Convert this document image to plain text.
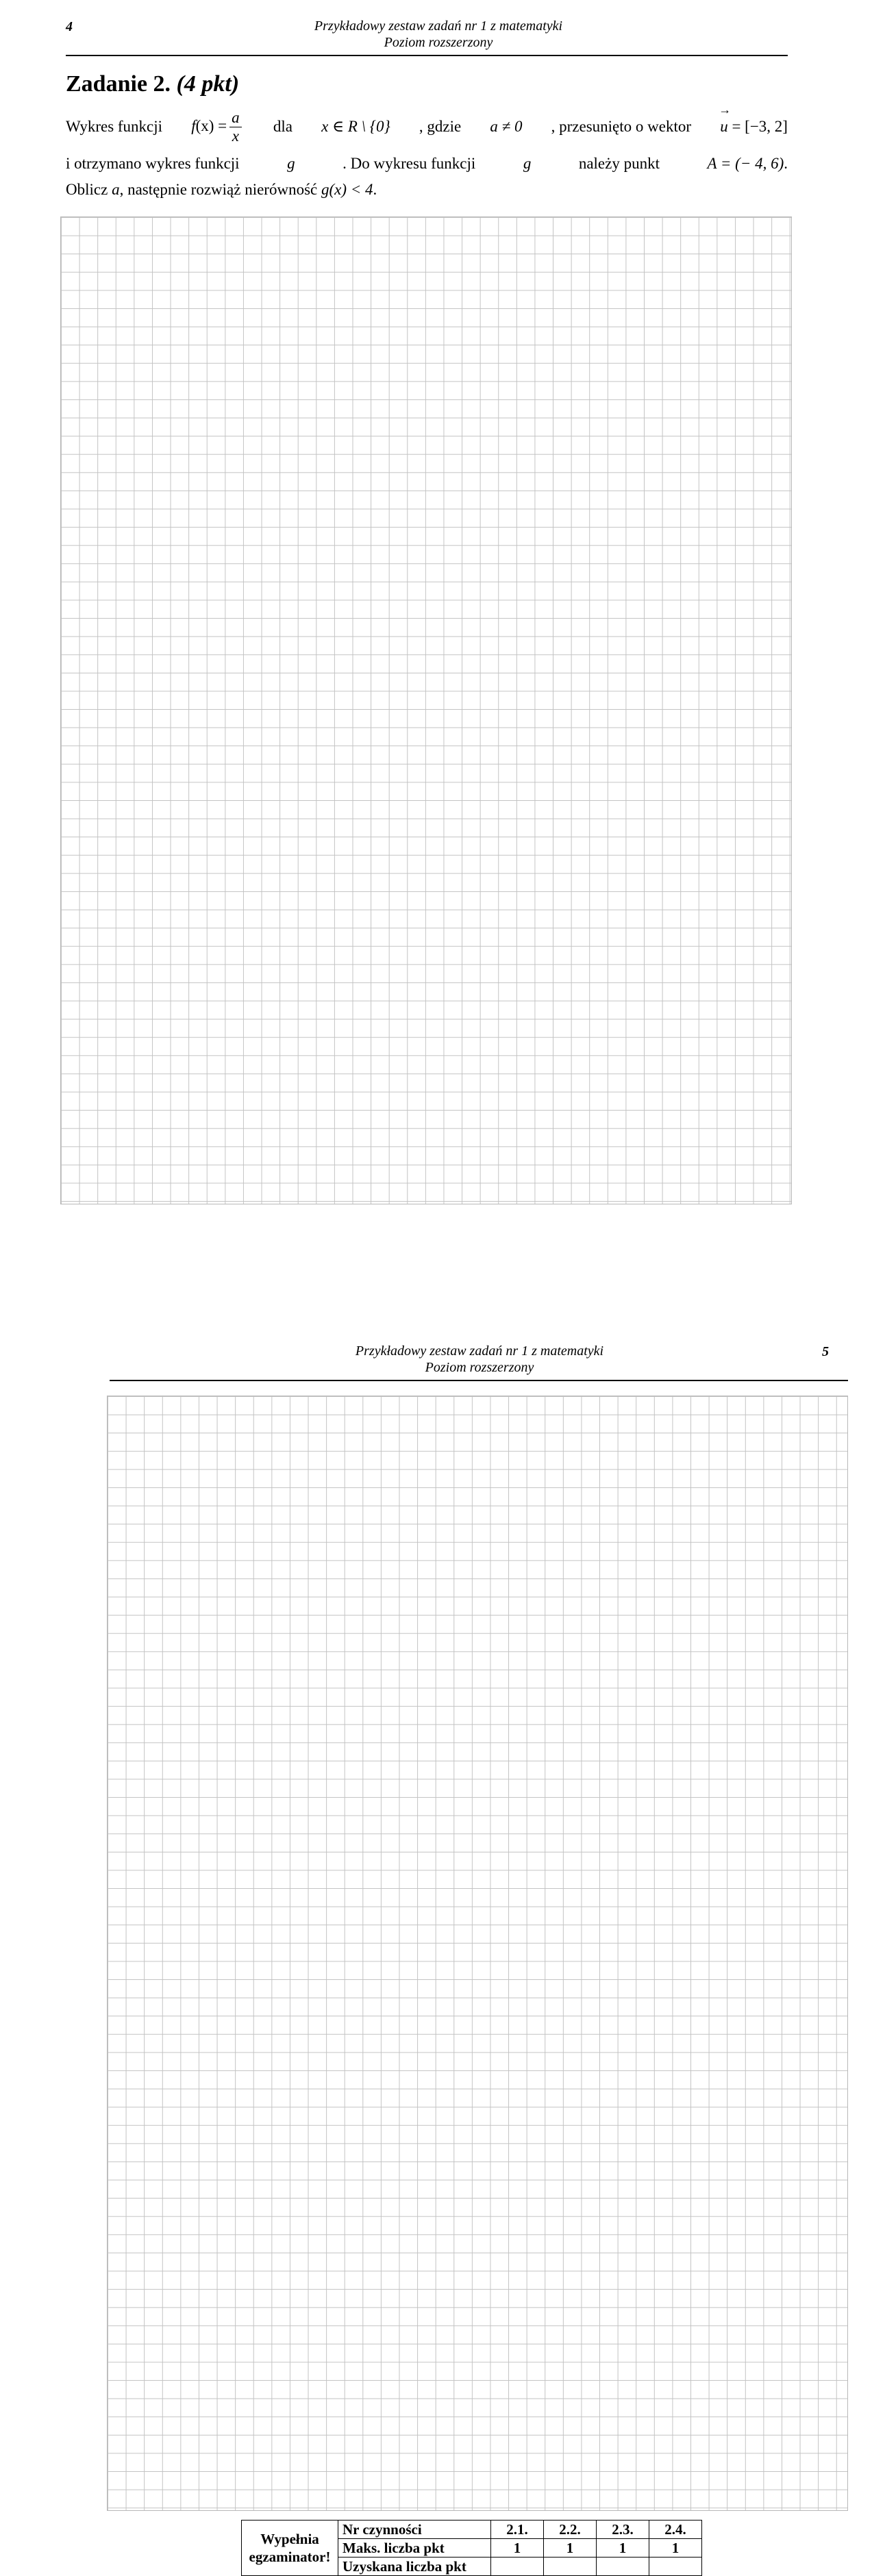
4	Przykładowy zestaw zadań nr 1 z matematyki
Poziom rozszerzony
Zadanie 2. (4 pkt)
Wykres funkcji $f(x) = \frac{a}{x}$ dla x ∈ R \ {0} , gdzie a ≠ 0 , przesunięto o wektor
→
u = [−3, 2]
i otrzymano wykres funkcji	g	. Do wykresu funkcji	g	należy punkt	A = (− 4, 6).
Oblicz a, następnie rozwiąż nierówność g(x) < 4.
Przykładowy zestaw zadań nr 1 z matematyki
Poziom rozszerzony
5
Wypełnia
egzaminator!	Nr czynności	2.1.	2.2.	2.3.	2.4.
	Maks. liczba pkt	1	1	1	1
	Uzyskana liczba pkt				
